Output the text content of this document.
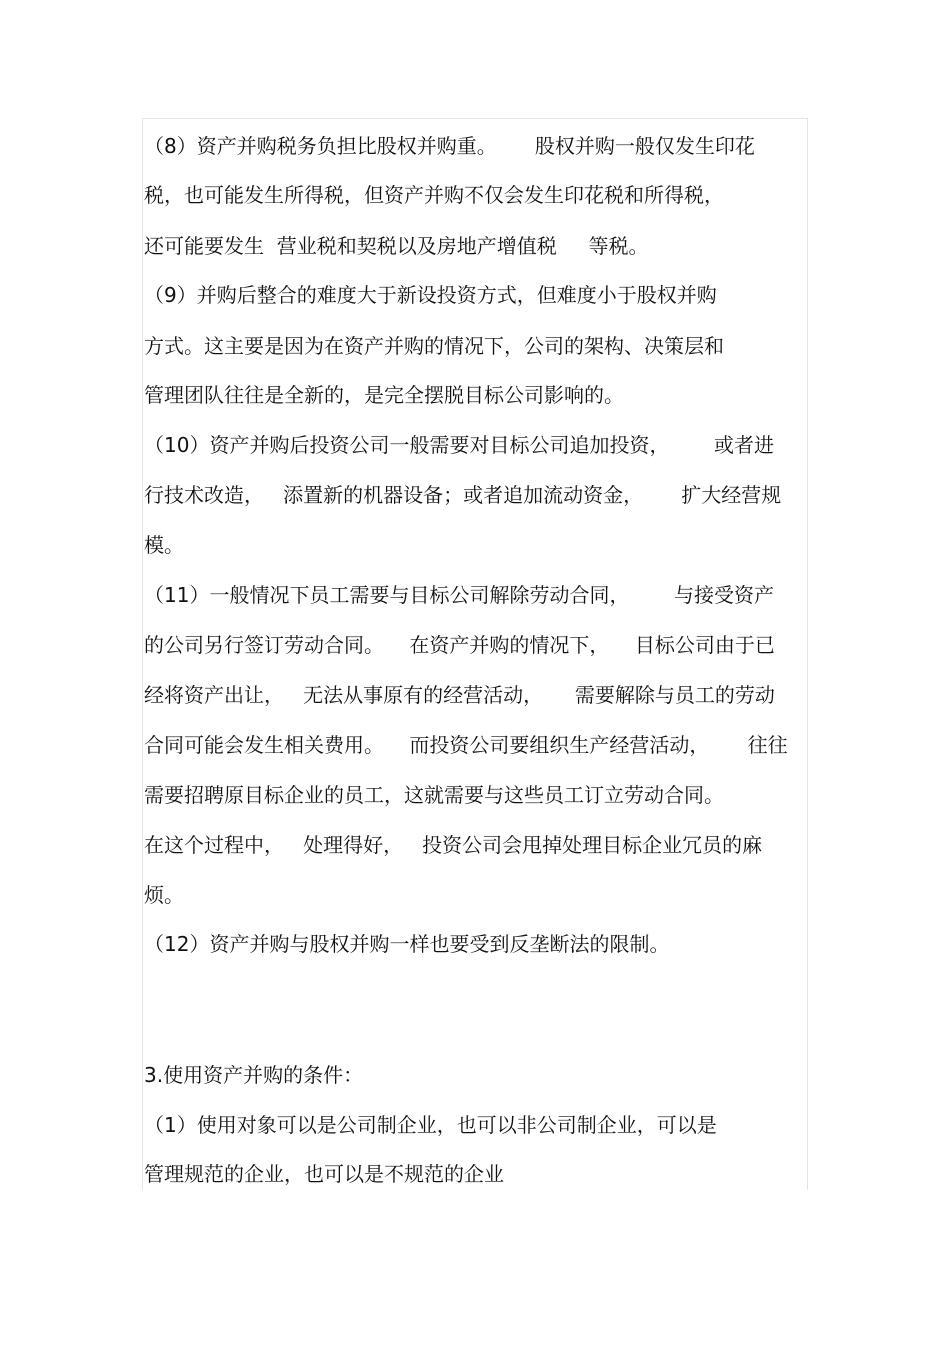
（8）资产并购税务负担比股权并购重。      股权并购一般仅发生印花
税，也可能发生所得税，但资产并购不仅会发生印花税和所得税，
还可能要发生  营业税和契税以及房地产增值税     等税。
（9）并购后整合的难度大于新设投资方式，但难度小于股权并购
方式。这主要是因为在资产并购的情况下，公司的架构、决策层和
管理团队往往是全新的，是完全摆脱目标公司影响的。
（10）资产并购后投资公司一般需要对目标公司追加投资，       或者进
行技术改造，   添置新的机器设备；或者追加流动资金，      扩大经营规
模。
（11）一般情况下员工需要与目标公司解除劳动合同，       与接受资产
的公司另行签订劳动合同。    在资产并购的情况下，    目标公司由于已
经将资产出让，   无法从事原有的经营活动，     需要解除与员工的劳动
合同可能会发生相关费用。    而投资公司要组织生产经营活动，      往往
需要招聘原目标企业的员工，这就需要与这些员工订立劳动合同。
在这个过程中，   处理得好，   投资公司会甩掉处理目标企业冗员的麻
烦。
（12）资产并购与股权并购一样也要受到反垄断法的限制。
3.使用资产并购的条件：
（1）使用对象可以是公司制企业，也可以非公司制企业，可以是
管理规范的企业，也可以是不规范的企业
